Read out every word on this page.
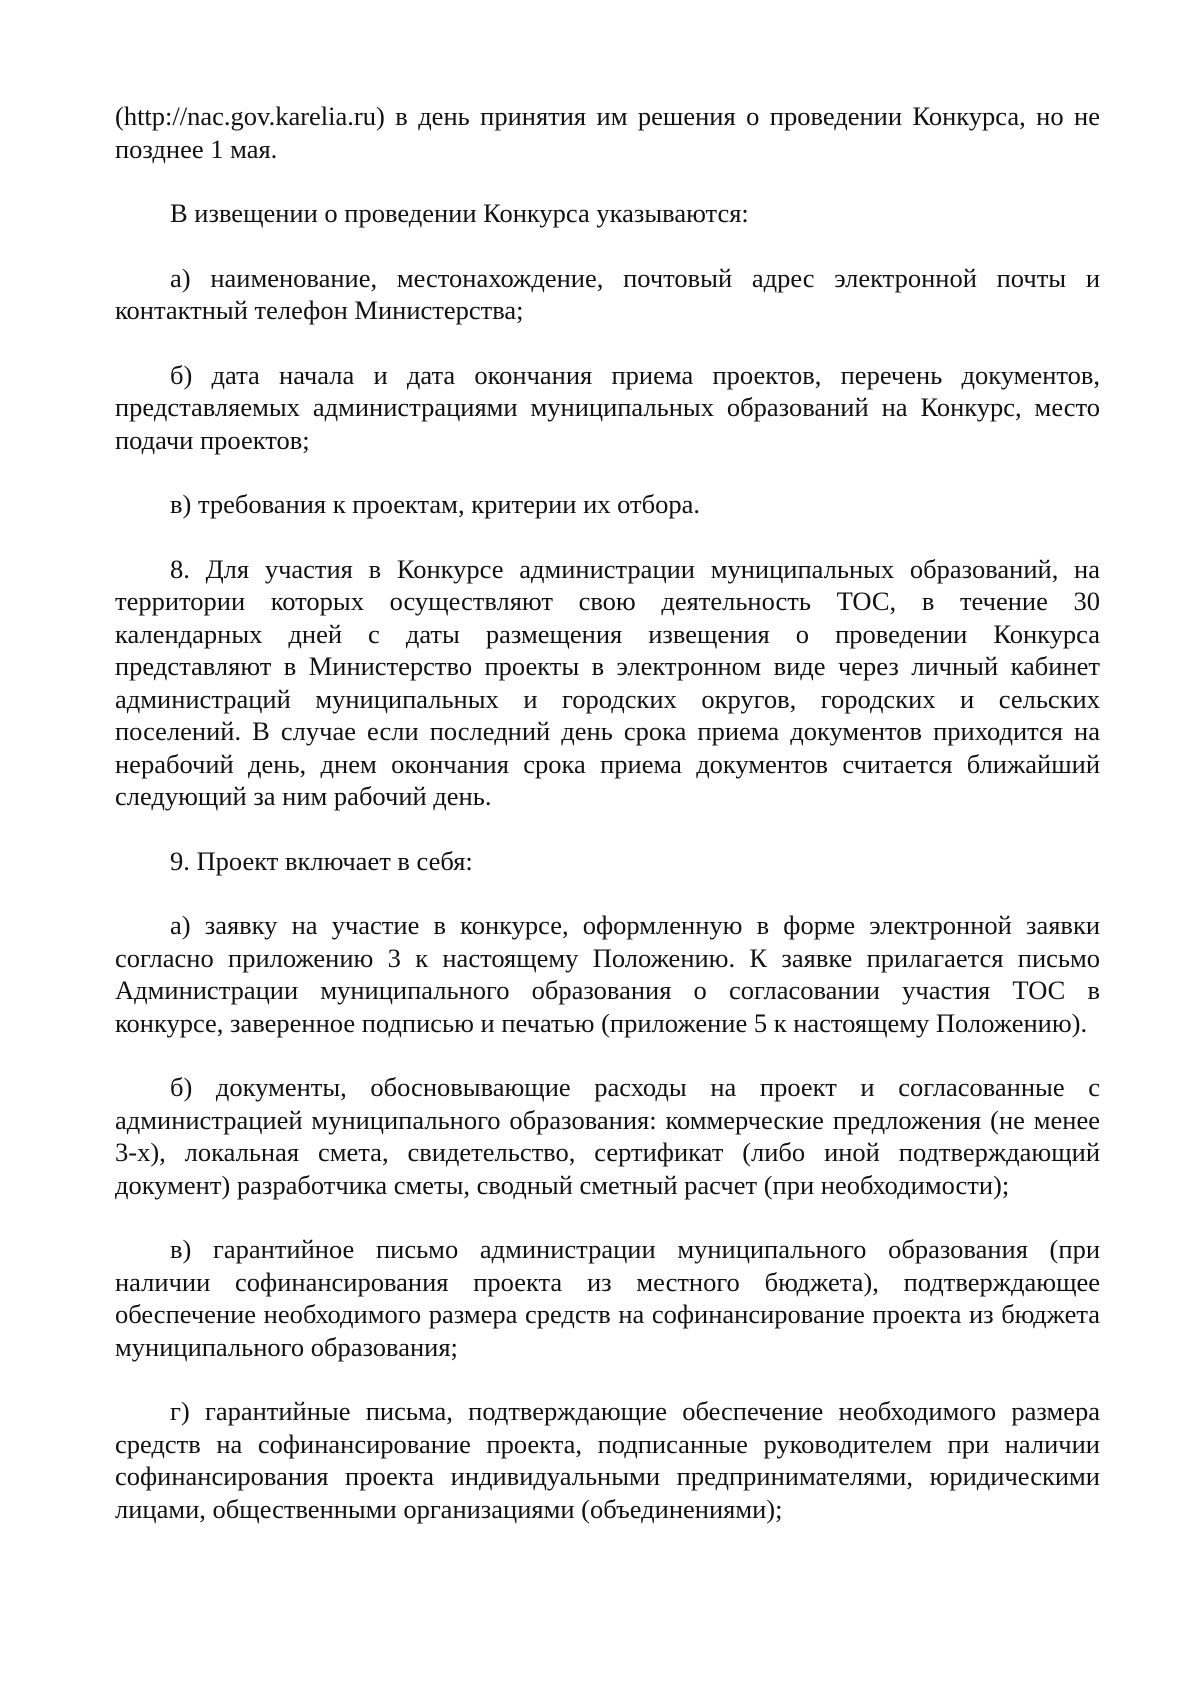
(http://nac.gov.karelia.ru) в день принятия им решения о проведении Конкурса, но не позднее 1 мая.

В извещении о проведении Конкурса указываются:

а) наименование, местонахождение, почтовый адрес электронной почты и контактный телефон Министерства;

б) дата начала и дата окончания приема проектов, перечень документов, представляемых администрациями муниципальных образований на Конкурс, место подачи проектов;

в) требования к проектам, критерии их отбора.

8. Для участия в Конкурсе администрации муниципальных образований, на территории которых осуществляют свою деятельность ТОС, в течение 30 календарных дней с даты размещения извещения о проведении Конкурса представляют в Министерство проекты в электронном виде через личный кабинет администраций муниципальных и городских округов, городских и сельских поселений. В случае если последний день срока приема документов приходится на нерабочий день, днем окончания срока приема документов считается ближайший следующий за ним рабочий день.

9. Проект включает в себя:

а) заявку на участие в конкурсе, оформленную в форме электронной заявки согласно приложению 3 к настоящему Положению. К заявке прилагается письмо Администрации муниципального образования о согласовании участия ТОС в конкурсе, заверенное подписью и печатью (приложение 5 к настоящему Положению).

б) документы, обосновывающие расходы на проект и согласованные с администрацией муниципального образования: коммерческие предложения (не менее 3-х), локальная смета, свидетельство, сертификат (либо иной подтверждающий документ) разработчика сметы, сводный сметный расчет (при необходимости);

в) гарантийное письмо администрации муниципального образования (при наличии софинансирования проекта из местного бюджета), подтверждающее обеспечение необходимого размера средств на софинансирование проекта из бюджета муниципального образования;

г) гарантийные письма, подтверждающие обеспечение необходимого размера средств на софинансирование проекта, подписанные руководителем при наличии софинансирования проекта индивидуальными предпринимателями, юридическими лицами, общественными организациями (объединениями);
